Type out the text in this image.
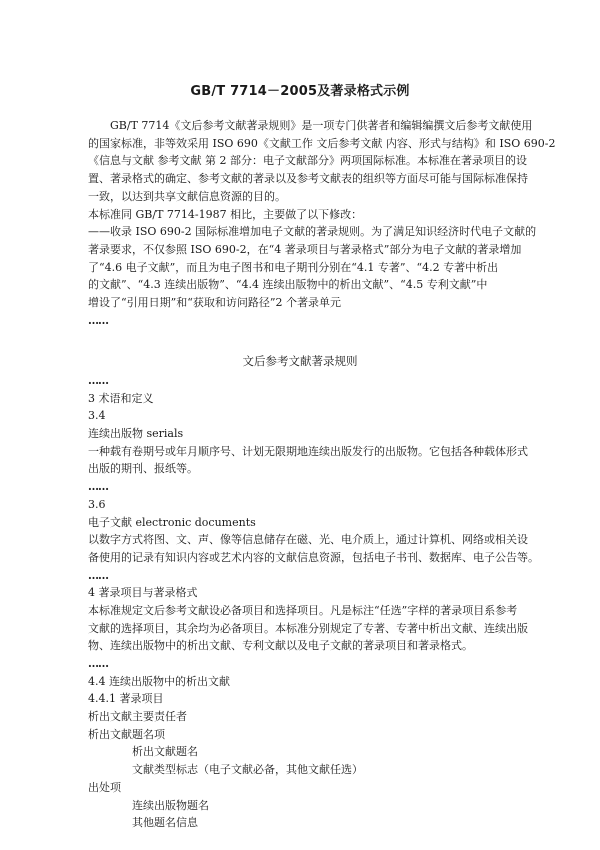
GB/T 7714－2005及著录格式示例
GB/T 7714《文后参考文献著录规则》是一项专门供著者和编辑编撰文后参考文献使用
的国家标准，非等效采用 ISO 690《文献工作 文后参考文献 内容、形式与结构》和 ISO 690-2
《信息与文献 参考文献 第 2 部分：电子文献部分》两项国际标准。本标准在著录项目的设
置、著录格式的确定、参考文献的著录以及参考文献表的组织等方面尽可能与国际标准保持
一致，以达到共享文献信息资源的目的。
本标准同 GB/T 7714-1987 相比，主要做了以下修改：
——收录 ISO 690-2 国际标准增加电子文献的著录规则。为了满足知识经济时代电子文献的
著录要求，不仅参照 ISO 690-2，在“4 著录项目与著录格式”部分为电子文献的著录增加
了“4.6 电子文献”，而且为电子图书和电子期刊分别在“4.1 专著”、“4.2 专著中析出
的文献”、“4.3 连续出版物”、“4.4 连续出版物中的析出文献”、“4.5 专利文献”中
增设了“引用日期”和“获取和访问路径”2 个著录单元
……
文后参考文献著录规则
……
3 术语和定义
3.4
连续出版物 serials
一种载有卷期号或年月顺序号、计划无限期地连续出版发行的出版物。它包括各种载体形式
出版的期刊、报纸等。
……
3.6
电子文献 electronic documents
以数字方式将图、文、声、像等信息储存在磁、光、电介质上，通过计算机、网络或相关设
备使用的记录有知识内容或艺术内容的文献信息资源，包括电子书刊、数据库、电子公告等。
……
4 著录项目与著录格式
本标准规定文后参考文献设必备项目和选择项目。凡是标注“任选”字样的著录项目系参考
文献的选择项目，其余均为必备项目。本标准分别规定了专著、专著中析出文献、连续出版
物、连续出版物中的析出文献、专利文献以及电子文献的著录项目和著录格式。
……
4.4 连续出版物中的析出文献
4.4.1 著录项目
析出文献主要责任者
析出文献题名项
析出文献题名
文献类型标志（电子文献必备，其他文献任选）
出处项
连续出版物题名
其他题名信息
